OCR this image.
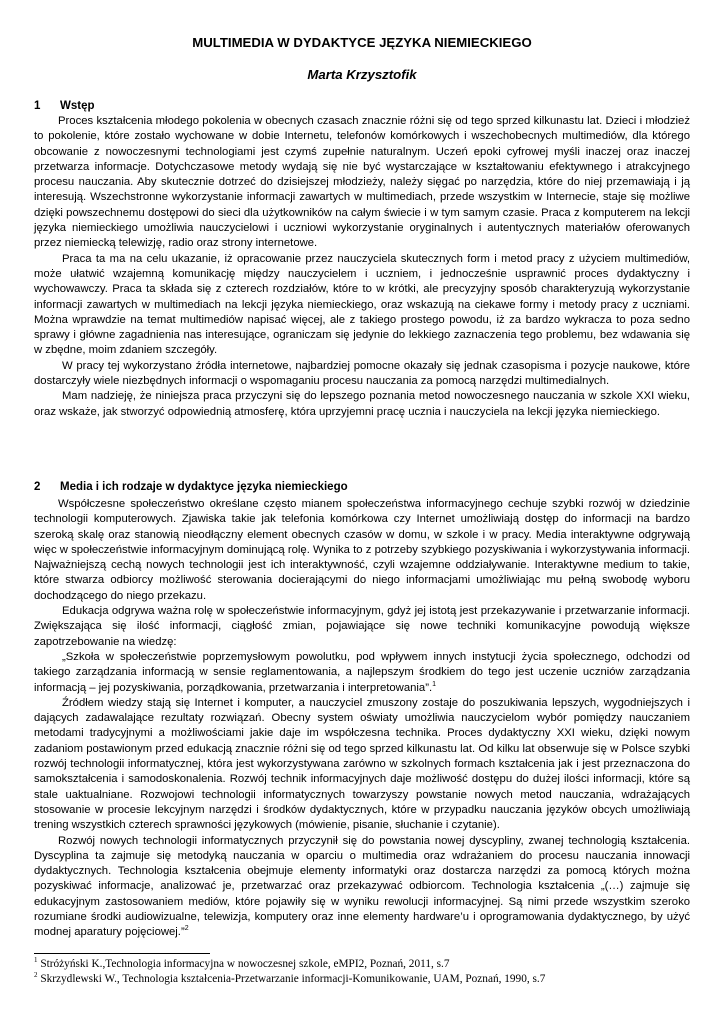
MULTIMEDIA W DYDAKTYCE JĘZYKA NIEMIECKIEGO
Marta Krzysztofik
1 Wstęp

Proces kształcenia młodego pokolenia w obecnych czasach znacznie różni się od tego sprzed kilkunastu lat. Dzieci i młodzież to pokolenie, które zostało wychowane w dobie Internetu, telefonów komórkowych i wszechobecnych multimediów, dla którego obcowanie z nowoczesnymi technologiami jest czymś zupełnie naturalnym. Uczeń epoki cyfrowej myśli inaczej oraz inaczej przetwarza informacje. Dotychczasowe metody wydają się nie być wystarczające w kształtowaniu efektywnego i atrakcyjnego procesu nauczania. Aby skutecznie dotrzeć do dzisiejszej młodzieży, należy sięgać po narzędzia, które do niej przemawiają i ją interesują. Wszechstronne wykorzystanie informacji zawartych w multimediach, przede wszystkim w Internecie, staje się możliwe dzięki powszechnemu dostępowi do sieci dla użytkowników na całym świecie i w tym samym czasie. Praca z komputerem na lekcji języka niemieckiego umożliwia nauczycielowi i uczniowi wykorzystanie oryginalnych i autentycznych materiałów oferowanych przez niemiecką telewizję, radio oraz strony internetowe.

Praca ta ma na celu ukazanie, iż opracowanie przez nauczyciela skutecznych form i metod pracy z użyciem multimediów, może ułatwić wzajemną komunikację między nauczycielem i uczniem, i jednocześnie usprawnić proces dydaktyczny i wychowawczy. Praca ta składa się z czterech rozdziałów, które to w krótki, ale precyzyjny sposób charakteryzują wykorzystanie informacji zawartych w multimediach na lekcji języka niemieckiego, oraz wskazują na ciekawe formy i metody pracy z uczniami. Można wprawdzie na temat multimediów napisać więcej, ale z takiego prostego powodu, iż za bardzo wykracza to poza sedno sprawy i główne zagadnienia nas interesujące, ograniczam się jedynie do lekkiego zaznaczenia tego problemu, bez wdawania się w zbędne, moim zdaniem szczegóły.

W pracy tej wykorzystano źródła internetowe, najbardziej pomocne okazały się jednak czasopisma i pozycje naukowe, które dostarczyły wiele niezbędnych informacji o wspomaganiu procesu nauczania za pomocą narzędzi multimedialnych.

Mam nadzieję, że niniejsza praca przyczyni się do lepszego poznania metod nowoczesnego nauczania w szkole XXI wieku, oraz wskaże, jak stworzyć odpowiednią atmosferę, która uprzyjemni pracę ucznia i nauczyciela na lekcji języka niemieckiego.

2 Media i ich rodzaje w dydaktyce języka niemieckiego

Współczesne społeczeństwo określane często mianem społeczeństwa informacyjnego cechuje szybki rozwój w dziedzinie technologii komputerowych. Zjawiska takie jak telefonia komórkowa czy Internet umożliwiają dostęp do informacji na bardzo szeroką skalę oraz stanowią nieodłączny element obecnych czasów w domu, w szkole i w pracy. Media interaktywne odgrywają więc w społeczeństwie informacyjnym dominującą rolę. Wynika to z potrzeby szybkiego pozyskiwania i wykorzystywania informacji. Najważniejszą cechą nowych technologii jest ich interaktywność, czyli wzajemne oddziaływanie. Interaktywne medium to takie, które stwarza odbiorcy możliwość sterowania docierającymi do niego informacjami umożliwiając mu pełną swobodę wyboru dochodzącego do niego przekazu.

Edukacja odgrywa ważna rolę w społeczeństwie informacyjnym, gdyż jej istotą jest przekazywanie i przetwarzanie informacji. Zwiększająca się ilość informacji, ciągłość zmian, pojawiające się nowe techniki komunikacyjne powodują większe zapotrzebowanie na wiedzę:

„Szkoła w społeczeństwie poprzemysłowym powolutku, pod wpływem innych instytucji życia społecznego, odchodzi od takiego zarządzania informacją w sensie reglamentowania, a najlepszym środkiem do tego jest uczenie uczniów zarządzania informacją – jej pozyskiwania, porządkowania, przetwarzania i interpretowania”.$^1$

Źródłem wiedzy stają się Internet i komputer, a nauczyciel zmuszony zostaje do poszukiwania lepszych, wygodniejszych i dających zadawalające rezultaty rozwiązań. Obecny system oświaty umożliwia nauczycielom wybór pomiędzy nauczaniem metodami tradycyjnymi a możliwościami jakie daje im współczesna technika. Proces dydaktyczny XXI wieku, dzięki nowym zadaniom postawionym przed edukacją znacznie różni się od tego sprzed kilkunastu lat. Od kilku lat obserwuje się w Polsce szybki rozwój technologii informatycznej, która jest wykorzystywana zarówno w szkolnych formach kształcenia jak i jest przeznaczona do samokształcenia i samodoskonalenia. Rozwój technik informacyjnych daje możliwość dostępu do dużej ilości informacji, które są stale uaktualniane. Rozwojowi technologii informatycznych towarzyszy powstanie nowych metod nauczania, wdrażających stosowanie w procesie lekcyjnym narzędzi i środków dydaktycznych, które w przypadku nauczania języków obcych umożliwiają trening wszystkich czterech sprawności językowych (mówienie, pisanie, słuchanie i czytanie).

Rozwój nowych technologii informatycznych przyczynił się do powstania nowej dyscypliny, zwanej technologią kształcenia. Dyscyplina ta zajmuje się metodyką nauczania w oparciu o multimedia oraz wdrażaniem do procesu nauczania innowacji dydaktycznych. Technologia kształcenia obejmuje elementy informatyki oraz dostarcza narzędzi za pomocą których można pozyskiwać informacje, analizować je, przetwarzać oraz przekazywać odbiorcom. Technologia kształcenia „(…) zajmuje się edukacyjnym zastosowaniem mediów, które pojawiły się w wyniku rewolucji informacyjnej. Są nimi przede wszystkim szeroko rozumiane środki audiowizualne, telewizja, komputery oraz inne elementy hardware’u i oprogramowania dydaktycznego, by użyć modnej aparatury pojęciowej.”$^2$

$^1$ Stróżyński K.,Technologia informacyjna w nowoczesnej szkole, eMPI2, Poznań, 2011, s.7
$^2$ Skrzydlewski W., Technologia kształcenia-Przetwarzanie informacji-Komunikowanie, UAM, Poznań, 1990, s.7
